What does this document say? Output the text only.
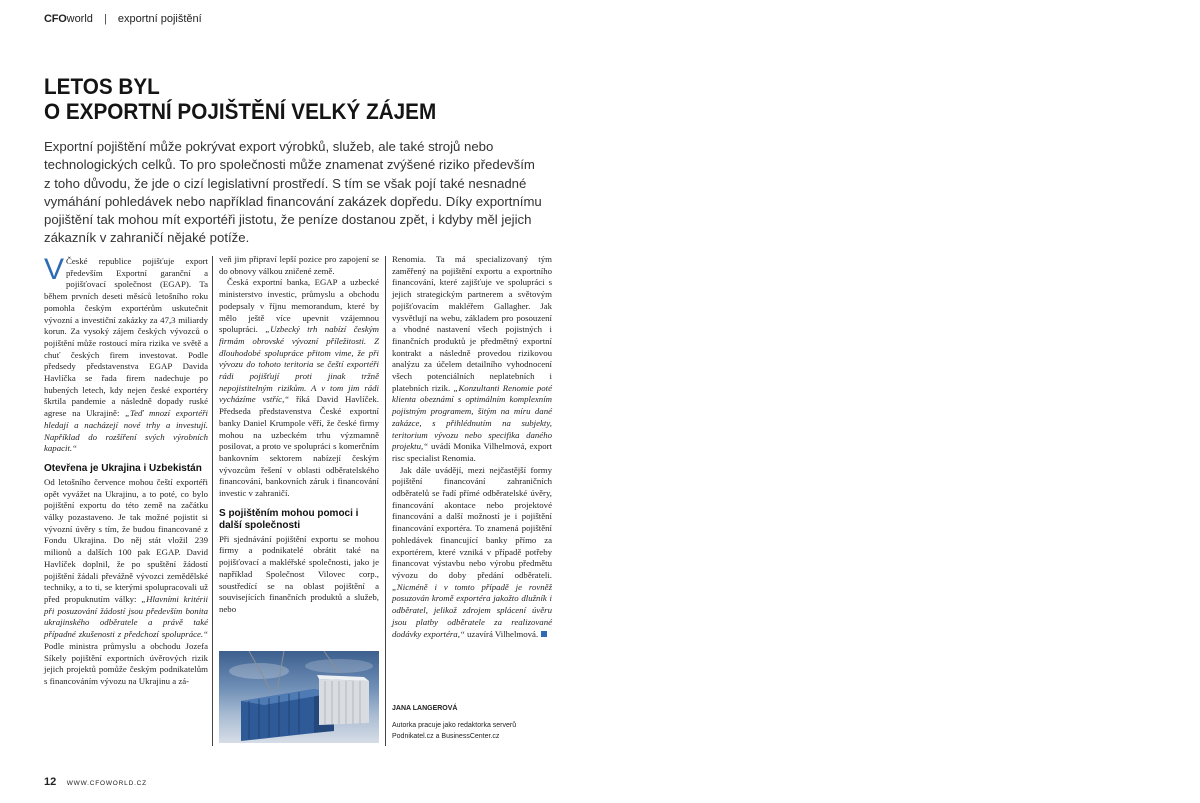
CFOworld | exportní pojištění
LETOS BYL
O EXPORTNÍ POJIŠTĚNÍ VELKÝ ZÁJEM

Exportní pojištění může pokrývat export výrobků, služeb, ale také strojů nebo technologických celků. To pro společnosti může znamenat zvýšené riziko především z toho důvodu, že jde o cizí legislativní prostředí. S tím se však pojí také nesnadné vymáhání pohledávek nebo například financování zakázek dopředu. Díky exportnímu pojištění tak mohou mít exportéři jistotu, že peníze dostanou zpět, i kdyby měl jejich zákazník v zahraničí nějaké potíže.

V České republice pojišťuje export především Exportní garanční a pojišťovací společnost (EGAP). Ta během prvních deseti měsíců letošního roku pomohla českým exportérům uskutečnit vývozní a investiční zakázky za 47,3 miliardy korun. Za vysoký zájem českých vývozců o pojištění může rostoucí míra rizika ve světě a chuť českých firem investovat. Podle předsedy představenstva EGAP Davida Havlíčka se řada firem nadechuje po hubených letech, kdy nejen české exportéry škrtila pandemie a následně dopady ruské agrese na Ukrajině: „Teď mnozí exportéři hledají a nacházejí nové trhy a investují. Například do rozšíření svých výrobních kapacit.“

Otevřena je Ukrajina i Uzbekistán

Od letošního července mohou čeští exportéři opět vyvážet na Ukrajinu, a to poté, co bylo pojištění exportu do této země na začátku války pozastaveno. Je tak možné pojistit si vývozní úvěry s tím, že budou financované z Fondu Ukrajina. Do něj stát vložil 239 milionů a dalších 100 pak EGAP. David Havlíček doplnil, že po spuštění žádostí pojištění žádali převážně vývozci zemědělské techniky, a to ti, se kterými spolupracovali už před propuknutím války: „Hlavními kritérii při posuzování žádostí jsou především bonita ukrajinského odběratele a právě také případné zkušenosti z předchozí spolupráce.“ Podle ministra průmyslu a obchodu Jozefa Síkely pojištění exportních úvěrových rizik jejich projektů pomůže českým podnikatelům s financováním vývozu na Ukrajinu a zá-

veň jim připraví lepší pozice pro zapojení se do obnovy válkou zničené země.

Česká exportní banka, EGAP a uzbecké ministerstvo investic, průmyslu a obchodu podepsaly v říjnu memorandum, které by mělo ještě více upevnit vzájemnou spolupráci. „Uzbecký trh nabízí českým firmám obrovské vývozní příležitosti. Z dlouhodobé spolupráce přitom vime, že při vývozu do tohoto teritoria se čeští exportéři rádi pojišťují proti jinak tržně nepojistitelným rizikům. A v tom jim rádi vycházíme vstříc,“ říká David Havlíček. Předseda představenstva České exportní banky Daniel Krumpole věří, že české firmy mohou na uzbeckém trhu výzmamně posilovat, a proto ve spolupráci s komerčním bankovním sektorem nabízejí českým vývozcům řešení v oblasti odběratelského financování, bankovních záruk i financování investic v zahraničí.

S pojištěním mohou pomoci i další společnosti

Při sjednávání pojištění exportu se mohou firmy a podnikatelé obrátit také na pojišťovací a makléřské společnosti, jako je například Společnost Vilovec corp., soustředící se na oblast pojištění a souvisejících finančních produktů a služeb, nebo

Renomia. Ta má specializovaný tým zaměřený na pojištění exportu a exportního financování, které zajišťuje ve spolupráci s jejich strategickým partnerem a světovým pojišťovacím makléřem Gallagher. Jak vysvětlují na webu, základem pro posouzení a vhodné nastavení všech pojistných i finančních produktů je předmětný exportní kontrakt a následně provedou rizikovou analýzu za účelem detailního vyhodnocení všech potenciálních neplatebních i platebních rizik. „Konzultanti Renomie poté klienta obeznámí s optimálním komplexním pojistným programem, šitým na míru dané zakázce, s přihlédnutím na subjekty, teritorium vývozu nebo specifika daného projektu,“ uvádí Monika Vilhelmová, export risc specialist Renomia.

Jak dále uvádějí, mezi nejčastější formy pojištění financování zahraničních odběratelů se řadí přímé odběratelské úvěry, financování akontace nebo projektové financování a další možností je i pojištění financování exportéra. To znamená pojištění pohledávek financující banky přímo za exportérem, které vzniká v případě potřeby financovat výstavbu nebo výrobu předmětu vývozu do doby předání odběrateli. „Nicméně i v tomto případě je rovněž posuzován kromě exportéra jakožto dlužník i odběratel, jelikož zdrojem splácení úvěru jsou platby odběratele za realizované dodávky exportéra,“ uzavírá Vilhelmová.

JANA LANGEROVÁ

Autorka pracuje jako redaktorka serverů Podnikatel.cz a BusinessCenter.cz

12 WWW.CFOWORLD.CZ
